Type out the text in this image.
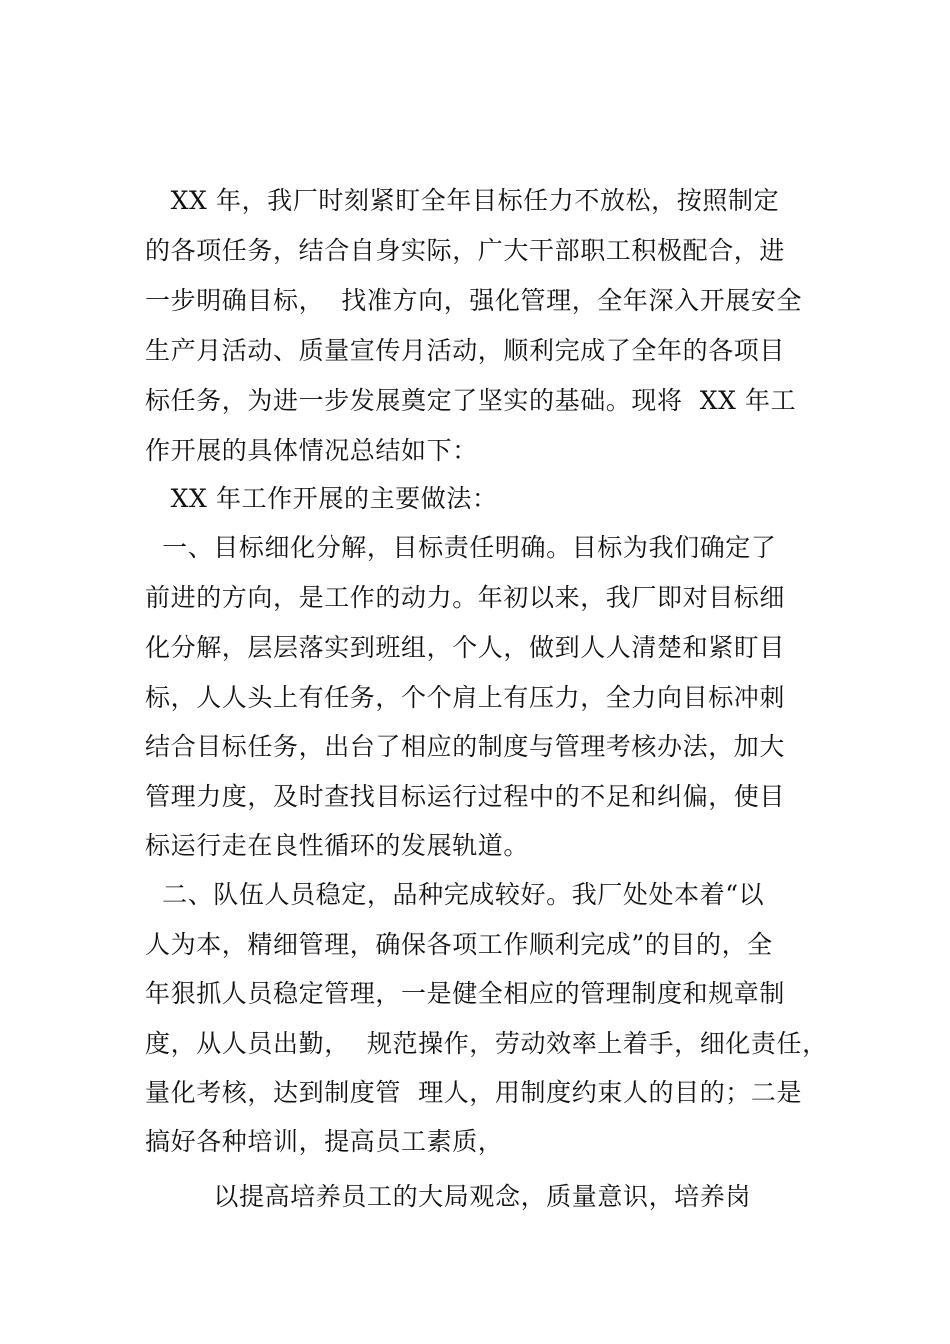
XX 年，我厂时刻紧盯全年目标任力不放松，按照制定
的各项任务，结合自身实际，广大干部职工积极配合，进
一步明确目标，  找准方向，强化管理，全年深入开展安全
生产月活动、质量宣传月活动，顺利完成了全年的各项目
标任务，为进一步发展奠定了坚实的基础。现将  XX 年工
作开展的具体情况总结如下：
XX 年工作开展的主要做法：
一、目标细化分解，目标责任明确。目标为我们确定了
前进的方向，是工作的动力。年初以来，我厂即对目标细
化分解，层层落实到班组，个人，做到人人清楚和紧盯目
标，人人头上有任务，个个肩上有压力，全力向目标冲刺
结合目标任务，出台了相应的制度与管理考核办法，加大
管理力度，及时查找目标运行过程中的不足和纠偏，使目
标运行走在良性循环的发展轨道。
二、队伍人员稳定，品种完成较好。我厂处处本着“以
人为本，精细管理，确保各项工作顺利完成”的目的，全
年狠抓人员稳定管理，一是健全相应的管理制度和规章制
度，从人员出勤，  规范操作，劳动效率上着手，细化责任，
量化考核，达到制度管  理人，用制度约束人的目的；二是
搞好各种培训，提高员工素质，
以提高培养员工的大局观念，质量意识，培养岗
